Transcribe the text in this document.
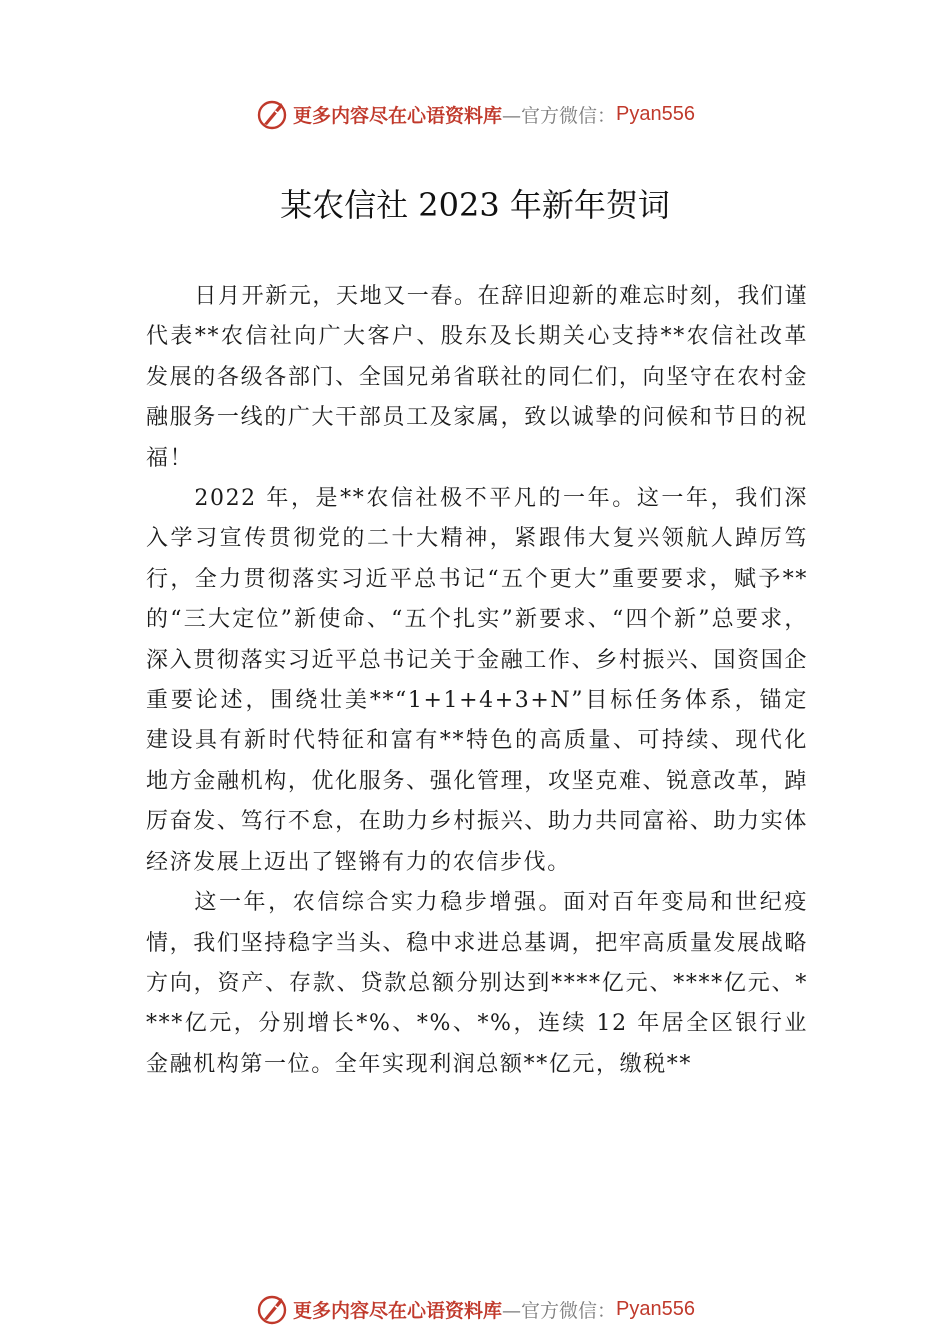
更多内容尽在心语资料库 —官方微信： Pyan556
某农信社 2023 年新年贺词

日月开新元，天地又一春。在辞旧迎新的难忘时刻，我们谨代表**农信社向广大客户、股东及长期关心支持**农信社改革发展的各级各部门、全国兄弟省联社的同仁们，向坚守在农村金融服务一线的广大干部员工及家属，致以诚挚的问候和节日的祝福！

2022 年，是**农信社极不平凡的一年。这一年，我们深入学习宣传贯彻党的二十大精神，紧跟伟大复兴领航人踔厉笃行，全力贯彻落实习近平总书记“五个更大”重要要求，赋予**的“三大定位”新使命、“五个扎实”新要求、“四个新”总要求，深入贯彻落实习近平总书记关于金融工作、乡村振兴、国资国企重要论述，围绕壮美**“1+1+4+3+N”目标任务体系，锚定建设具有新时代特征和富有**特色的高质量、可持续、现代化地方金融机构，优化服务、强化管理，攻坚克难、锐意改革，踔厉奋发、笃行不怠，在助力乡村振兴、助力共同富裕、助力实体经济发展上迈出了铿锵有力的农信步伐。

这一年，农信综合实力稳步增强。面对百年变局和世纪疫情，我们坚持稳字当头、稳中求进总基调，把牢高质量发展战略方向，资产、存款、贷款总额分别达到****亿元、****亿元、****亿元，分别增长*%、*%、*%，连续 12 年居全区银行业金融机构第一位。全年实现利润总额**亿元，缴税**

更多内容尽在心语资料库 —官方微信： Pyan556
